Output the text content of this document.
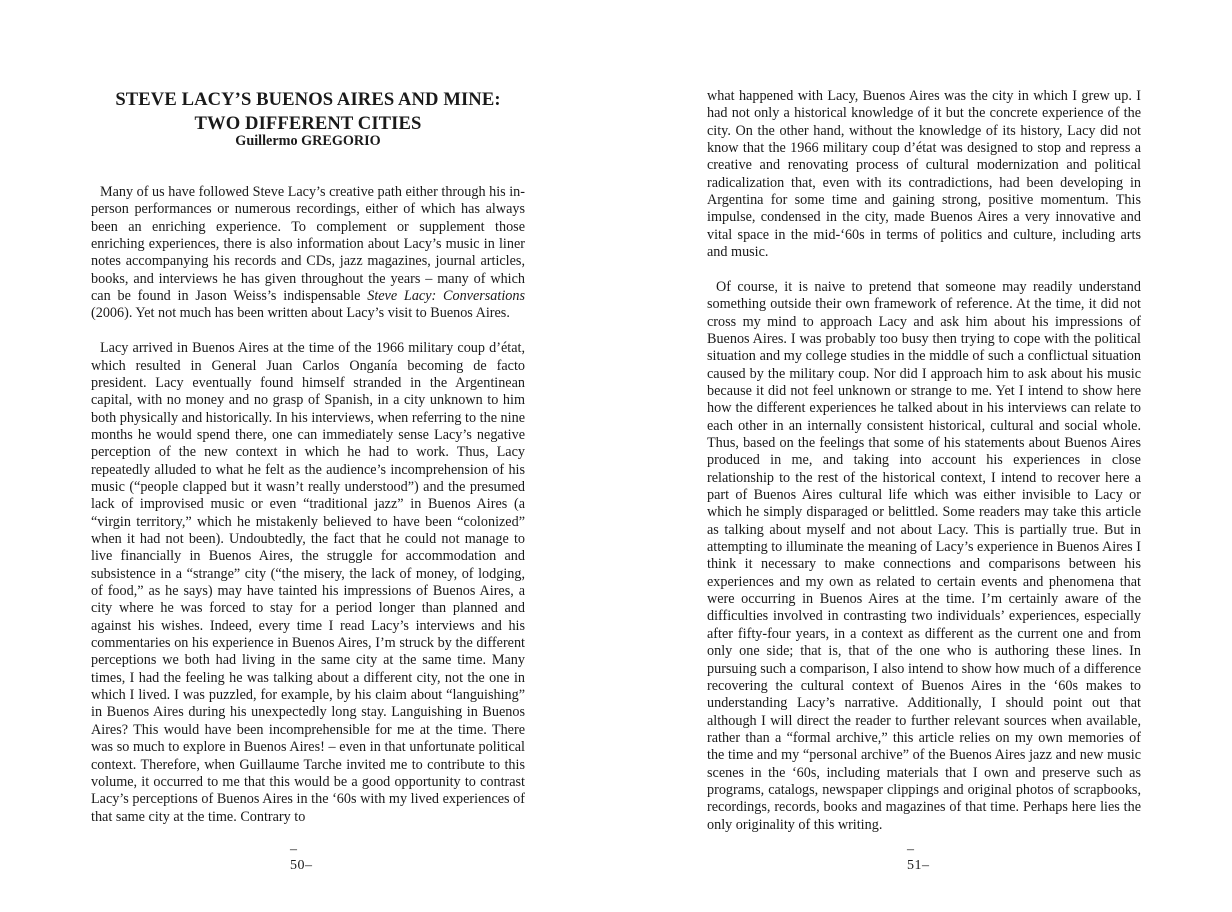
STEVE LACY’S BUENOS AIRES AND MINE:
TWO DIFFERENT CITIES
Guillermo GREGORIO

Many of us have followed Steve Lacy’s creative path either through his in-person performances or numerous recordings, either of which has always been an enriching experience. To complement or supplement those enriching experiences, there is also information about Lacy’s music in liner notes accompanying his records and CDs, jazz magazines, journal articles, books, and interviews he has given throughout the years – many of which can be found in Jason Weiss’s indispensable Steve Lacy: Conversations (2006). Yet not much has been written about Lacy’s visit to Buenos Aires.

Lacy arrived in Buenos Aires at the time of the 1966 military coup d’état, which resulted in General Juan Carlos Onganía becoming de facto president. Lacy eventually found himself stranded in the Argentinean capital, with no money and no grasp of Spanish, in a city unknown to him both physically and historically. In his interviews, when referring to the nine months he would spend there, one can immediately sense Lacy’s negative perception of the new context in which he had to work. Thus, Lacy repeatedly alluded to what he felt as the audience’s incomprehension of his music (“people clapped but it wasn’t really understood”) and the presumed lack of improvised music or even “traditional jazz” in Buenos Aires (a “virgin territory,” which he mistakenly believed to have been “colonized” when it had not been). Undoubtedly, the fact that he could not manage to live financially in Buenos Aires, the struggle for accommodation and subsistence in a “strange” city (“the misery, the lack of money, of lodging, of food,” as he says) may have tainted his impressions of Buenos Aires, a city where he was forced to stay for a period longer than planned and against his wishes. Indeed, every time I read Lacy’s interviews and his commentaries on his experience in Buenos Aires, I’m struck by the different perceptions we both had living in the same city at the same time. Many times, I had the feeling he was talking about a different city, not the one in which I lived. I was puzzled, for example, by his claim about “languishing” in Buenos Aires during his unexpectedly long stay. Languishing in Buenos Aires? This would have been incomprehensible for me at the time. There was so much to explore in Buenos Aires! – even in that unfortunate political context. Therefore, when Guillaume Tarche invited me to contribute to this volume, it occurred to me that this would be a good opportunity to contrast Lacy’s perceptions of Buenos Aires in the ‘60s with my lived experiences of that same city at the time. Contrary to

–50–

what happened with Lacy, Buenos Aires was the city in which I grew up. I had not only a historical knowledge of it but the concrete experience of the city. On the other hand, without the knowledge of its history, Lacy did not know that the 1966 military coup d’état was designed to stop and repress a creative and renovating process of cultural modernization and political radicalization that, even with its contradictions, had been developing in Argentina for some time and gaining strong, positive momentum. This impulse, condensed in the city, made Buenos Aires a very innovative and vital space in the mid-‘60s in terms of politics and culture, including arts and music.

Of course, it is naive to pretend that someone may readily understand something outside their own framework of reference. At the time, it did not cross my mind to approach Lacy and ask him about his impressions of Buenos Aires. I was probably too busy then trying to cope with the political situation and my college studies in the middle of such a conflictual situation caused by the military coup. Nor did I approach him to ask about his music because it did not feel unknown or strange to me. Yet I intend to show here how the different experiences he talked about in his interviews can relate to each other in an internally consistent historical, cultural and social whole. Thus, based on the feelings that some of his statements about Buenos Aires produced in me, and taking into account his experiences in close relationship to the rest of the historical context, I intend to recover here a part of Buenos Aires cultural life which was either invisible to Lacy or which he simply disparaged or belittled. Some readers may take this article as talking about myself and not about Lacy. This is partially true. But in attempting to illuminate the meaning of Lacy’s experience in Buenos Aires I think it necessary to make connections and comparisons between his experiences and my own as related to certain events and phenomena that were occurring in Buenos Aires at the time. I’m certainly aware of the difficulties involved in contrasting two individuals’ experiences, especially after fifty-four years, in a context as different as the current one and from only one side; that is, that of the one who is authoring these lines. In pursuing such a comparison, I also intend to show how much of a difference recovering the cultural context of Buenos Aires in the ‘60s makes to understanding Lacy’s narrative. Additionally, I should point out that although I will direct the reader to further relevant sources when available, rather than a “formal archive,” this article relies on my own memories of the time and my “personal archive” of the Buenos Aires jazz and new music scenes in the ‘60s, including materials that I own and preserve such as programs, catalogs, newspaper clippings and original photos of scrapbooks, recordings, records, books and magazines of that time. Perhaps here lies the only originality of this writing.

–51–
